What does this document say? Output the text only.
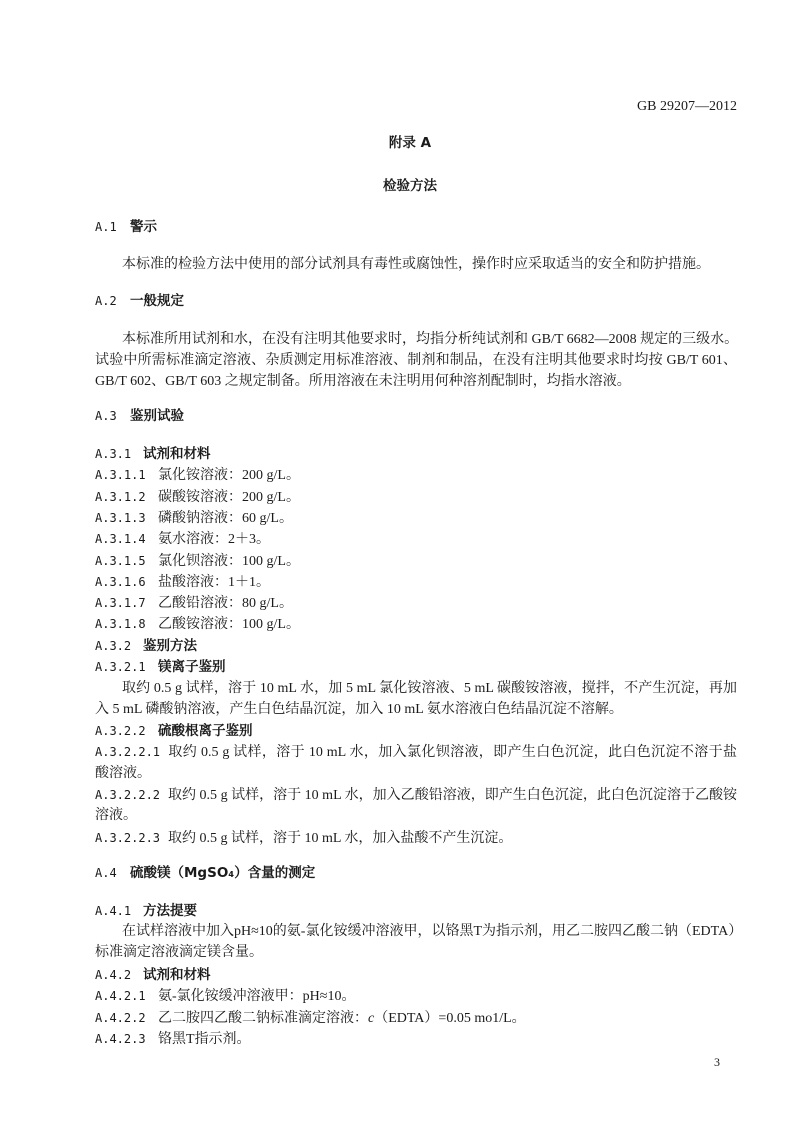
GB 29207—2012
附录 A
检验方法
A.1 警示
本标准的检验方法中使用的部分试剂具有毒性或腐蚀性，操作时应采取适当的安全和防护措施。
A.2 一般规定
本标准所用试剂和水，在没有注明其他要求时，均指分析纯试剂和 GB/T 6682—2008 规定的三级水。
试验中所需标准滴定溶液、杂质测定用标准溶液、制剂和制品，在没有注明其他要求时均按 GB/T 601、
GB/T 602、GB/T 603 之规定制备。所用溶液在未注明用何种溶剂配制时，均指水溶液。
A.3 鉴别试验
A.3.1 试剂和材料
A.3.1.1 氯化铵溶液：200 g/L。
A.3.1.2 碳酸铵溶液：200 g/L。
A.3.1.3 磷酸钠溶液：60 g/L。
A.3.1.4 氨水溶液：2＋3。
A.3.1.5 氯化钡溶液：100 g/L。
A.3.1.6 盐酸溶液：1＋1。
A.3.1.7 乙酸铅溶液：80 g/L。
A.3.1.8 乙酸铵溶液：100 g/L。
A.3.2 鉴别方法
A.3.2.1 镁离子鉴别
取约 0.5 g 试样，溶于 10 mL 水，加 5 mL 氯化铵溶液、5 mL 碳酸铵溶液，搅拌，不产生沉淀，再加
入 5 mL 磷酸钠溶液，产生白色结晶沉淀，加入 10 mL 氨水溶液白色结晶沉淀不溶解。
A.3.2.2 硫酸根离子鉴别
A.3.2.2.1 取约 0.5 g 试样，溶于 10 mL 水，加入氯化钡溶液，即产生白色沉淀，此白色沉淀不溶于盐
酸溶液。
A.3.2.2.2 取约 0.5 g 试样，溶于 10 mL 水，加入乙酸铅溶液，即产生白色沉淀，此白色沉淀溶于乙酸铵
溶液。
A.3.2.2.3 取约 0.5 g 试样，溶于 10 mL 水，加入盐酸不产生沉淀。
A.4 硫酸镁（MgSO₄）含量的测定
A.4.1 方法提要
在试样溶液中加入pH≈10的氨-氯化铵缓冲溶液甲，以铬黑T为指示剂，用乙二胺四乙酸二钠（EDTA）
标准滴定溶液滴定镁含量。
A.4.2 试剂和材料
A.4.2.1 氨-氯化铵缓冲溶液甲：pH≈10。
A.4.2.2 乙二胺四乙酸二钠标准滴定溶液：c（EDTA）=0.05 mo1/L。
A.4.2.3 铬黑T指示剂。
3
